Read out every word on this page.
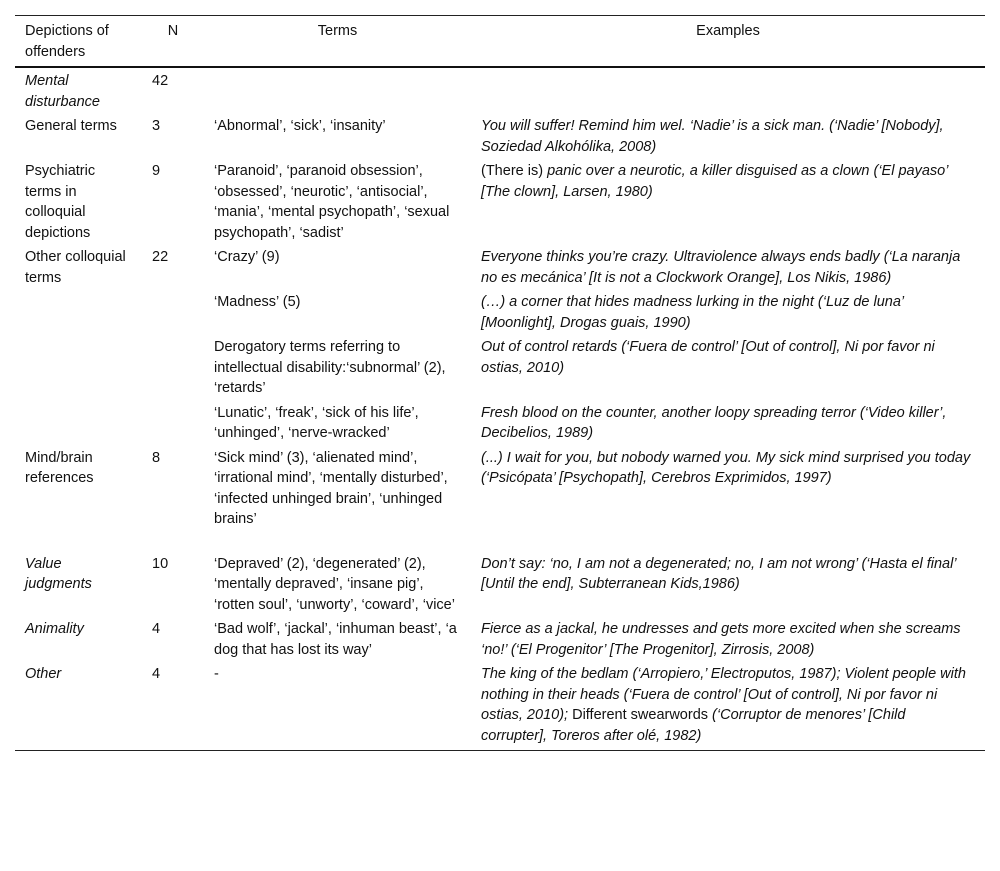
Depictions of offenders	N	Terms	Examples
Mental disturbance	42		
General terms	3	‘Abnormal’, ‘sick’, ‘insanity’	You will suffer! Remind him wel. ‘Nadie’ is a sick man. (‘Nadie’ [Nobody], Soziedad Alkohólika, 2008)
Psychiatric terms in colloquial depictions	9	‘Paranoid’, ‘paranoid obsession’, ‘obsessed’, ‘neurotic’, ‘antisocial’, ‘mania’, ‘mental psychopath’, ‘sexual psychopath’, ‘sadist’	(There is) panic over a neurotic, a killer disguised as a clown (‘El payaso’ [The clown], Larsen, 1980)
Other colloquial terms	22	‘Crazy’ (9)	Everyone thinks you’re crazy. Ultraviolence always ends badly (‘La naranja no es mecánica’ [It is not a Clockwork Orange], Los Nikis, 1986)
		‘Madness’ (5)	(…) a corner that hides madness lurking in the night (‘Luz de luna’ [Moonlight], Drogas guais, 1990)
		Derogatory terms referring to intellectual disability:‘subnormal’ (2), ‘retards’	Out of control retards (‘Fuera de control’ [Out of control], Ni por favor ni ostias, 2010)
		‘Lunatic’, ‘freak’, ‘sick of his life’, ‘unhinged’, ‘nerve-wracked’	Fresh blood on the counter, another loopy spreading terror (‘Video killer’, Decibelios, 1989)
Mind/brain references	8	‘Sick mind’ (3), ‘alienated mind’, ‘irrational mind’, ‘mentally disturbed’, ‘infected unhinged brain’, ‘unhinged brains’	(...) I wait for you, but nobody warned you. My sick mind surprised you today (‘Psicópata’ [Psychopath], Cerebros Exprimidos, 1997)
Value judgments	10	‘Depraved’ (2), ‘degenerated’ (2), ‘mentally depraved’, ‘insane pig’, ‘rotten soul’, ‘unworty’, ‘coward’, ‘vice’	Don’t say: ‘no, I am not a degenerated; no, I am not wrong’ (‘Hasta el final’ [Until the end], Subterranean Kids,1986)
Animality	4	‘Bad wolf’, ‘jackal’, ‘inhuman beast’, ‘a dog that has lost its way’	Fierce as a jackal, he undresses and gets more excited when she screams ‘no!’ (‘El Progenitor’ [The Progenitor], Zirrosis, 2008)
Other	4	-	The king of the bedlam (‘Arropiero,’ Electroputos, 1987); Violent people with nothing in their heads (‘Fuera de control’ [Out of control], Ni por favor ni ostias, 2010); Different swearwords (‘Corruptor de menores’ [Child corrupter], Toreros after olé, 1982)
